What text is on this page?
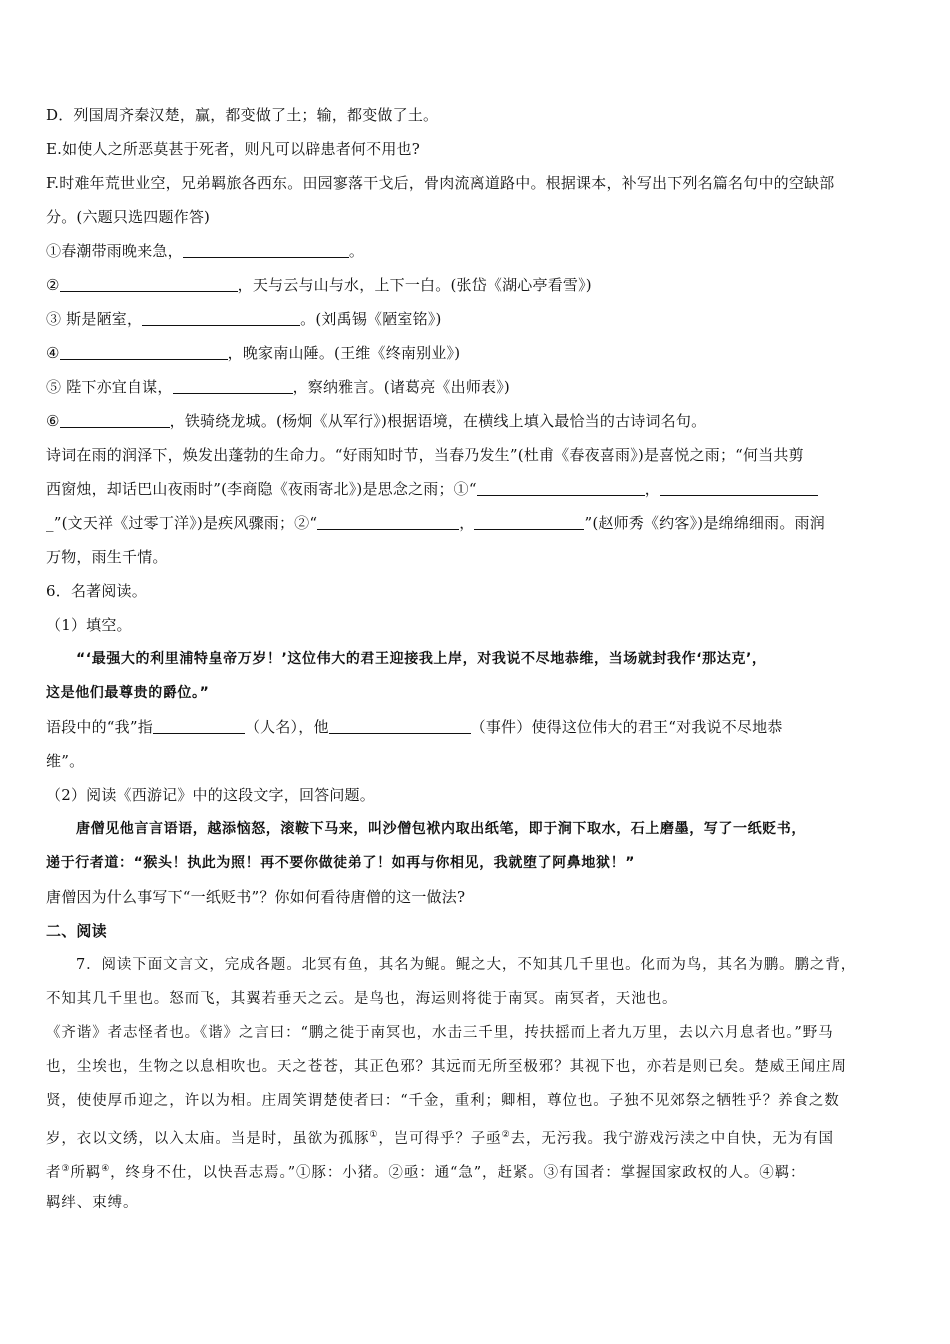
D．列国周齐秦汉楚，赢，都变做了土；输，都变做了土。
E.如使人之所恶莫甚于死者，则凡可以辟患者何不用也?
F.时难年荒世业空，兄弟羁旅各西东。田园寥落干戈后，骨肉流离道路中。根据课本，补写出下列名篇名句中的空缺部
分。(六题只选四题作答)
①春潮带雨晚来急，	。
②	，天与云与山与水，上下一白。(张岱《湖心亭看雪》)
③ 斯是陋室，	。(刘禹锡《陋室铭》)
④	，晚家南山陲。(王维《终南别业》)
⑤ 陛下亦宜自谋，	，察纳雅言。(诸葛亮《出师表》)
⑥	，铁骑绕龙城。(杨炯《从军行》)根据语境，在横线上填入最恰当的古诗词名句。
诗词在雨的润泽下，焕发出蓬勃的生命力。“好雨知时节，当春乃发生”(杜甫《春夜喜雨》)是喜悦之雨；“何当共剪
西窗烛，却话巴山夜雨时”(李商隐《夜雨寄北》)是思念之雨；①“	，
_”(文天祥《过零丁洋》)是疾风骤雨；②“	，	”(赵师秀《约客》)是绵绵细雨。雨润
万物，雨生千情。
6．名著阅读。
（1）填空。
“‘最强大的利里浦特皇帝万岁！’这位伟大的君王迎接我上岸，对我说不尽地恭维，当场就封我作‘那达克’，
这是他们最尊贵的爵位。”
语段中的“我”指	（人名），他	（事件）使得这位伟大的君王“对我说不尽地恭
维”。
（2）阅读《西游记》中的这段文字，回答问题。
唐僧见他言言语语，越添恼怒，滚鞍下马来，叫沙僧包袱内取出纸笔，即于涧下取水，石上磨墨，写了一纸贬书，
递于行者道：“猴头！执此为照！再不要你做徒弟了！如再与你相见，我就堕了阿鼻地狱！”
唐僧因为什么事写下“一纸贬书”？你如何看待唐僧的这一做法?
二、阅读
7．阅读下面文言文，完成各题。北冥有鱼，其名为鲲。鲲之大，不知其几千里也。化而为鸟，其名为鹏。鹏之背，
不知其几千里也。怒而飞，其翼若垂天之云。是鸟也，海运则将徙于南冥。南冥者，天池也。
《齐谐》者志怪者也。《谐》之言曰：“鹏之徙于南冥也，水击三千里，抟扶摇而上者九万里，去以六月息者也。”野马
也，尘埃也，生物之以息相吹也。天之苍苍，其正色邪？其远而无所至极邪？其视下也，亦若是则已矣。楚威王闻庄周
贤，使使厚币迎之，许以为相。庄周笑谓楚使者曰：“千金，重利；卿相，尊位也。子独不见郊祭之牺牲乎？养食之数
岁，衣以文绣，以入太庙。当是时，虽欲为孤豚①，岂可得乎？子亟②去，无污我。我宁游戏污渎之中自快，无为有国
者③所羁④，终身不仕，以快吾志焉。”①豚：小猪。②亟：通“急”，赶紧。③有国者：掌握国家政权的人。④羁：
羁绊、束缚。
